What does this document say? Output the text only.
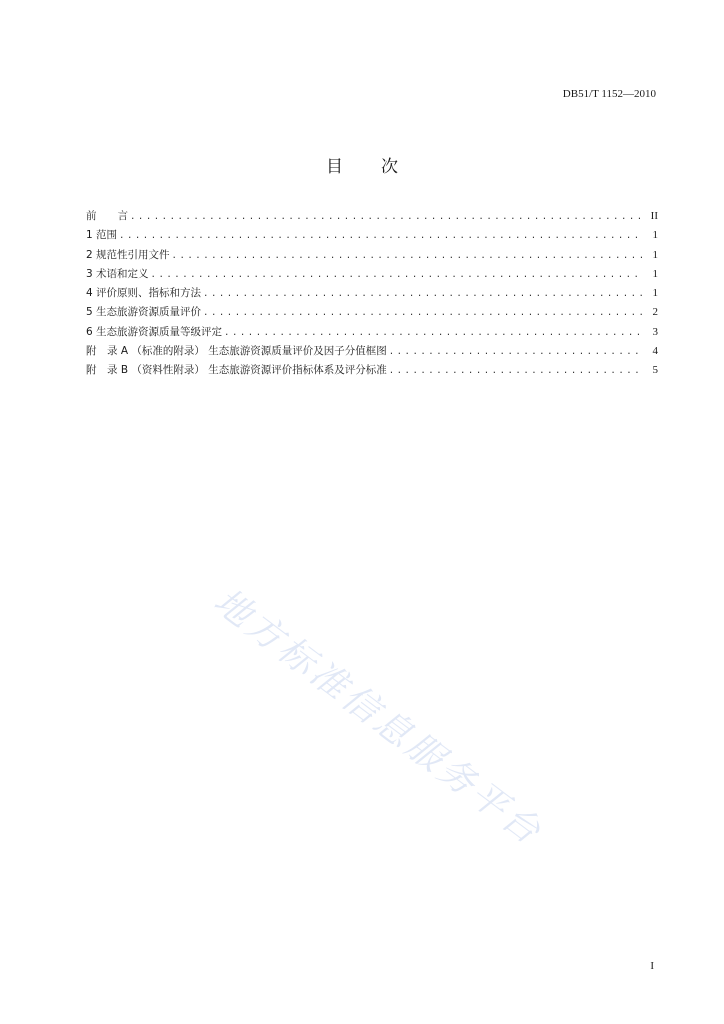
DB51/T 1152—2010
目 次
前　　言 .....	II
1 范围 .....	1
2 规范性引用文件 .....	1
3 术语和定义 .....	1
4 评价原则、指标和方法 .....	1
5 生态旅游资源质量评价 .....	2
6 生态旅游资源质量等级评定 .....	3
附　录 A （标准的附录） 生态旅游资源质量评价及因子分值框图 .....	4
附　录 B （资料性附录） 生态旅游资源评价指标体系及评分标准 .....	5
地方标准信息服务平台
I
